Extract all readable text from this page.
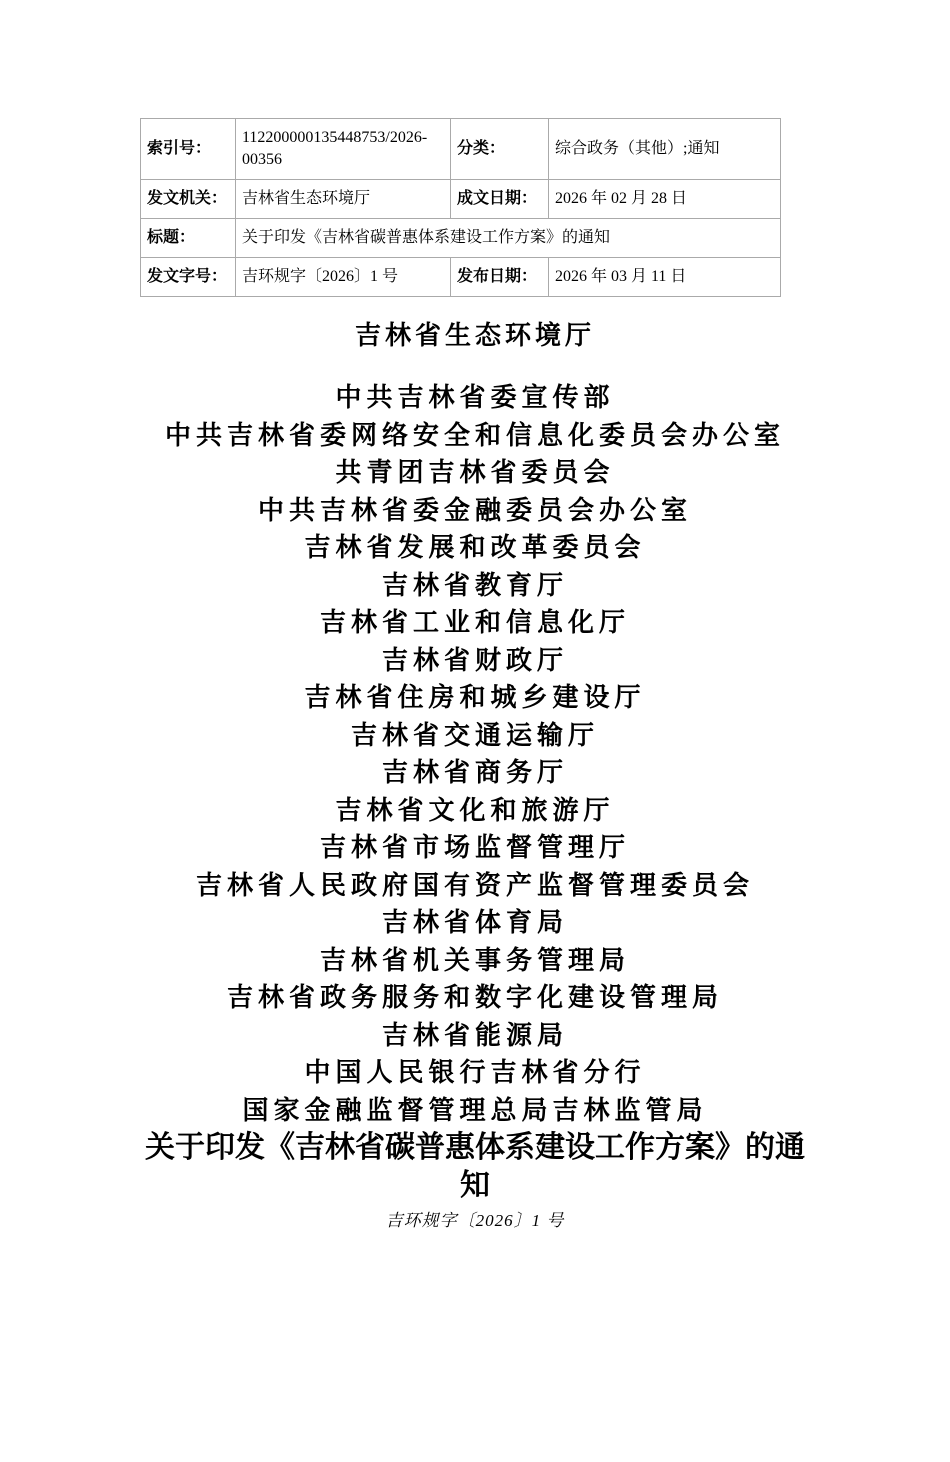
索引号：	112200000135448753/2026-00356	分类：	综合政务（其他）;通知
发文机关：	吉林省生态环境厅	成文日期：	2026 年 02 月 28 日
标题：	关于印发《吉林省碳普惠体系建设工作方案》的通知		
发文字号：	吉环规字〔2026〕1 号	发布日期：	2026 年 03 月 11 日
吉林省生态环境厅
中共吉林省委宣传部
中共吉林省委网络安全和信息化委员会办公室
共青团吉林省委员会
中共吉林省委金融委员会办公室
吉林省发展和改革委员会
吉林省教育厅
吉林省工业和信息化厅
吉林省财政厅
吉林省住房和城乡建设厅
吉林省交通运输厅
吉林省商务厅
吉林省文化和旅游厅
吉林省市场监督管理厅
吉林省人民政府国有资产监督管理委员会
吉林省体育局
吉林省机关事务管理局
吉林省政务服务和数字化建设管理局
吉林省能源局
中国人民银行吉林省分行
国家金融监督管理总局吉林监管局
关于印发《吉林省碳普惠体系建设工作方案》的通知
吉环规字〔2026〕1 号
